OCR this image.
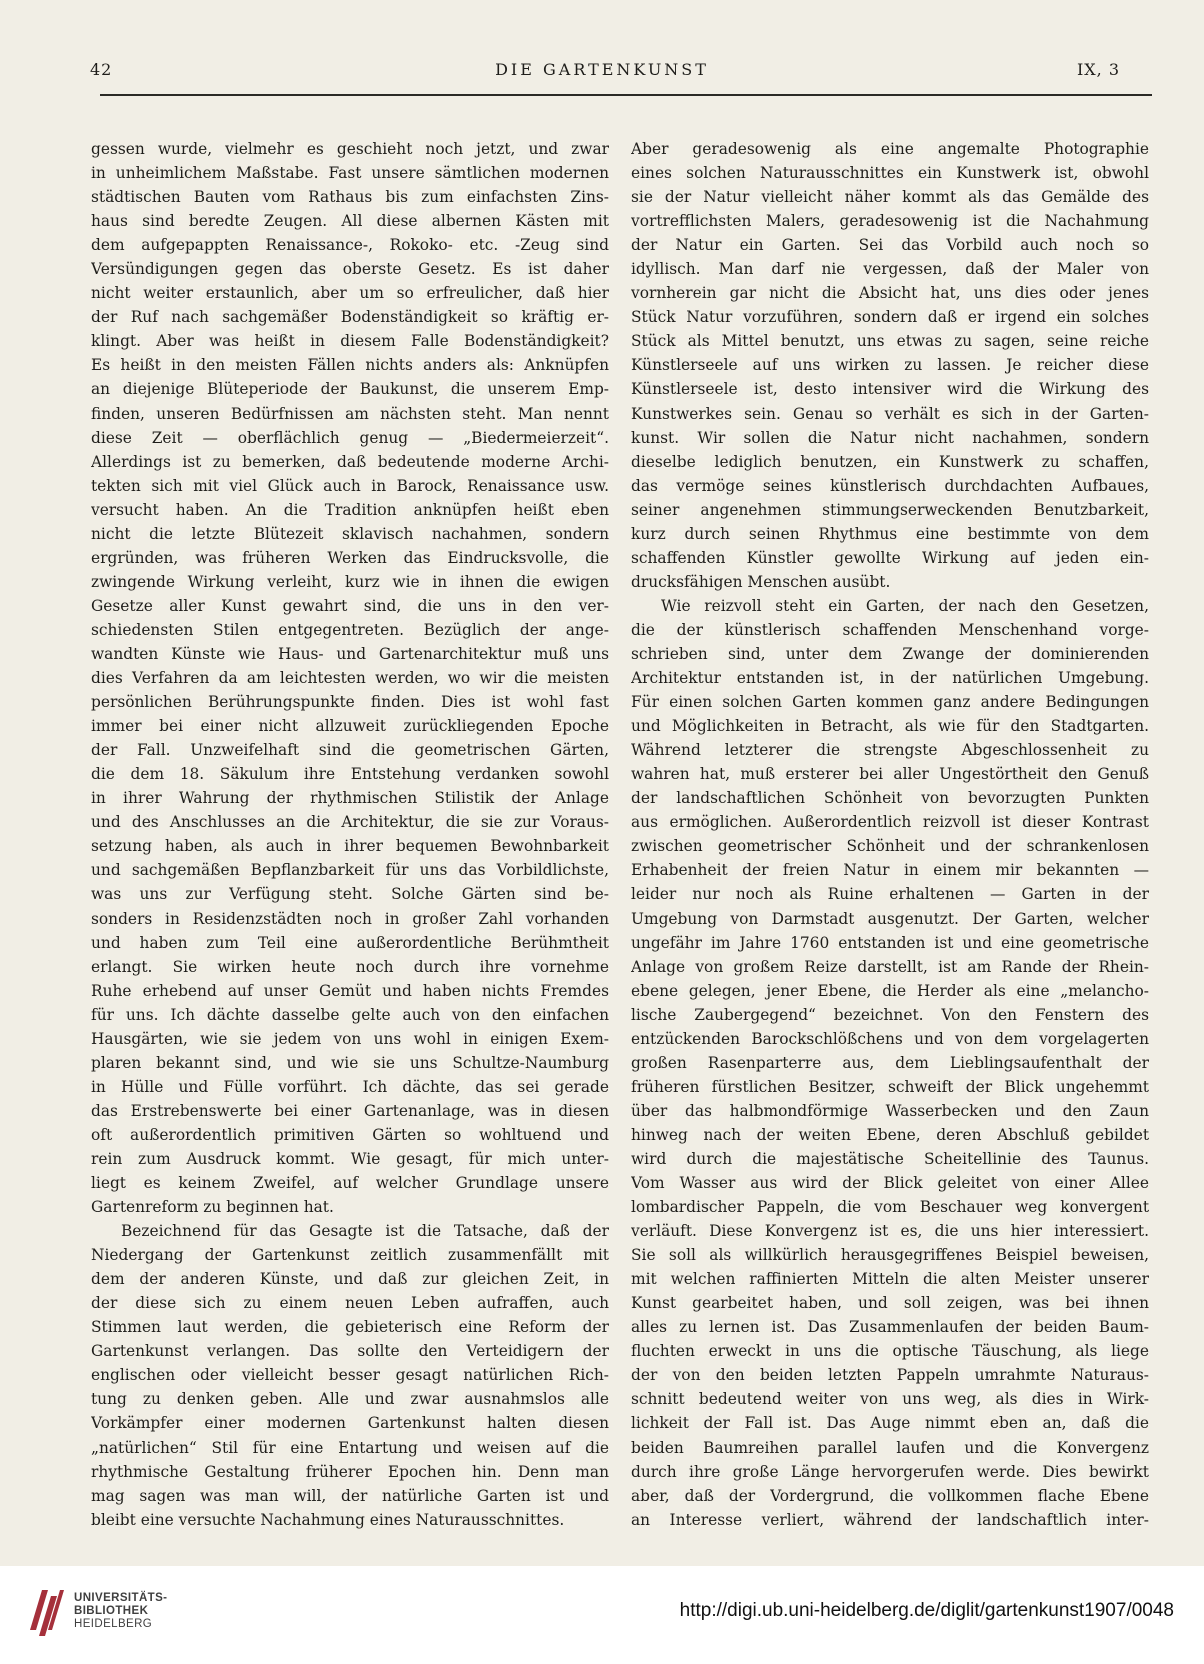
42	DIE GARTENKUNST	IX, 3

gessen wurde, vielmehr es geschieht noch jetzt, und zwar

in unheimlichem Maßstabe. Fast unsere sämtlichen modernen

städtischen Bauten vom Rathaus bis zum einfachsten Zins-

haus sind beredte Zeugen. All diese albernen Kästen mit

dem aufgepappten Renaissance-, Rokoko- etc. -Zeug sind

Versündigungen gegen das oberste Gesetz. Es ist daher

nicht weiter erstaunlich, aber um so erfreulicher, daß hier

der Ruf nach sachgemäßer Bodenständigkeit so kräftig er-

klingt. Aber was heißt in diesem Falle Bodenständigkeit?

Es heißt in den meisten Fällen nichts anders als: Anknüpfen

an diejenige Blüteperiode der Baukunst, die unserem Emp-

finden, unseren Bedürfnissen am nächsten steht. Man nennt

diese Zeit — oberflächlich genug — „Biedermeierzeit“.

Allerdings ist zu bemerken, daß bedeutende moderne Archi-

tekten sich mit viel Glück auch in Barock, Renaissance usw.

versucht haben. An die Tradition anknüpfen heißt eben

nicht die letzte Blütezeit sklavisch nachahmen, sondern

ergründen, was früheren Werken das Eindrucksvolle, die

zwingende Wirkung verleiht, kurz wie in ihnen die ewigen

Gesetze aller Kunst gewahrt sind, die uns in den ver-

schiedensten Stilen entgegentreten. Bezüglich der ange-

wandten Künste wie Haus- und Gartenarchitektur muß uns

dies Verfahren da am leichtesten werden, wo wir die meisten

persönlichen Berührungspunkte finden. Dies ist wohl fast

immer bei einer nicht allzuweit zurückliegenden Epoche

der Fall. Unzweifelhaft sind die geometrischen Gärten,

die dem 18. Säkulum ihre Entstehung verdanken sowohl

in ihrer Wahrung der rhythmischen Stilistik der Anlage

und des Anschlusses an die Architektur, die sie zur Voraus-

setzung haben, als auch in ihrer bequemen Bewohnbarkeit

und sachgemäßen Bepflanzbarkeit für uns das Vorbildlichste,

was uns zur Verfügung steht. Solche Gärten sind be-

sonders in Residenzstädten noch in großer Zahl vorhanden

und haben zum Teil eine außerordentliche Berühmtheit

erlangt. Sie wirken heute noch durch ihre vornehme

Ruhe erhebend auf unser Gemüt und haben nichts Fremdes

für uns. Ich dächte dasselbe gelte auch von den einfachen

Hausgärten, wie sie jedem von uns wohl in einigen Exem-

plaren bekannt sind, und wie sie uns Schultze-Naumburg

in Hülle und Fülle vorführt. Ich dächte, das sei gerade

das Erstrebenswerte bei einer Gartenanlage, was in diesen

oft außerordentlich primitiven Gärten so wohltuend und

rein zum Ausdruck kommt. Wie gesagt, für mich unter-

liegt es keinem Zweifel, auf welcher Grundlage unsere

Gartenreform zu beginnen hat.

Bezeichnend für das Gesagte ist die Tatsache, daß der

Niedergang der Gartenkunst zeitlich zusammenfällt mit

dem der anderen Künste, und daß zur gleichen Zeit, in

der diese sich zu einem neuen Leben aufraffen, auch

Stimmen laut werden, die gebieterisch eine Reform der

Gartenkunst verlangen. Das sollte den Verteidigern der

englischen oder vielleicht besser gesagt natürlichen Rich-

tung zu denken geben. Alle und zwar ausnahmslos alle

Vorkämpfer einer modernen Gartenkunst halten diesen

„natürlichen“ Stil für eine Entartung und weisen auf die

rhythmische Gestaltung früherer Epochen hin. Denn man

mag sagen was man will, der natürliche Garten ist und

bleibt eine versuchte Nachahmung eines Naturausschnittes.

Aber geradesowenig als eine angemalte Photographie

eines solchen Naturausschnittes ein Kunstwerk ist, obwohl

sie der Natur vielleicht näher kommt als das Gemälde des

vortrefflichsten Malers, geradesowenig ist die Nachahmung

der Natur ein Garten. Sei das Vorbild auch noch so

idyllisch. Man darf nie vergessen, daß der Maler von

vornherein gar nicht die Absicht hat, uns dies oder jenes

Stück Natur vorzuführen, sondern daß er irgend ein solches

Stück als Mittel benutzt, uns etwas zu sagen, seine reiche

Künstlerseele auf uns wirken zu lassen. Je reicher diese

Künstlerseele ist, desto intensiver wird die Wirkung des

Kunstwerkes sein. Genau so verhält es sich in der Garten-

kunst. Wir sollen die Natur nicht nachahmen, sondern

dieselbe lediglich benutzen, ein Kunstwerk zu schaffen,

das vermöge seines künstlerisch durchdachten Aufbaues,

seiner angenehmen stimmungserweckenden Benutzbarkeit,

kurz durch seinen Rhythmus eine bestimmte von dem

schaffenden Künstler gewollte Wirkung auf jeden ein-

drucksfähigen Menschen ausübt.

Wie reizvoll steht ein Garten, der nach den Gesetzen,

die der künstlerisch schaffenden Menschenhand vorge-

schrieben sind, unter dem Zwange der dominierenden

Architektur entstanden ist, in der natürlichen Umgebung.

Für einen solchen Garten kommen ganz andere Bedingungen

und Möglichkeiten in Betracht, als wie für den Stadtgarten.

Während letzterer die strengste Abgeschlossenheit zu

wahren hat, muß ersterer bei aller Ungestörtheit den Genuß

der landschaftlichen Schönheit von bevorzugten Punkten

aus ermöglichen. Außerordentlich reizvoll ist dieser Kontrast

zwischen geometrischer Schönheit und der schrankenlosen

Erhabenheit der freien Natur in einem mir bekannten —

leider nur noch als Ruine erhaltenen — Garten in der

Umgebung von Darmstadt ausgenutzt. Der Garten, welcher

ungefähr im Jahre 1760 entstanden ist und eine geometrische

Anlage von großem Reize darstellt, ist am Rande der Rhein-

ebene gelegen, jener Ebene, die Herder als eine „melancho-

lische Zaubergegend“ bezeichnet. Von den Fenstern des

entzückenden Barockschlößchens und von dem vorgelagerten

großen Rasenparterre aus, dem Lieblingsaufenthalt der

früheren fürstlichen Besitzer, schweift der Blick ungehemmt

über das halbmondförmige Wasserbecken und den Zaun

hinweg nach der weiten Ebene, deren Abschluß gebildet

wird durch die majestätische Scheitellinie des Taunus.

Vom Wasser aus wird der Blick geleitet von einer Allee

lombardischer Pappeln, die vom Beschauer weg konvergent

verläuft. Diese Konvergenz ist es, die uns hier interessiert.

Sie soll als willkürlich herausgegriffenes Beispiel beweisen,

mit welchen raffinierten Mitteln die alten Meister unserer

Kunst gearbeitet haben, und soll zeigen, was bei ihnen

alles zu lernen ist. Das Zusammenlaufen der beiden Baum-

fluchten erweckt in uns die optische Täuschung, als liege

der von den beiden letzten Pappeln umrahmte Naturaus-

schnitt bedeutend weiter von uns weg, als dies in Wirk-

lichkeit der Fall ist. Das Auge nimmt eben an, daß die

beiden Baumreihen parallel laufen und die Konvergenz

durch ihre große Länge hervorgerufen werde. Dies bewirkt

aber, daß der Vordergrund, die vollkommen flache Ebene

an Interesse verliert, während der landschaftlich inter-

UNIVERSITÄTS-
BIBLIOTHEK
HEIDELBERG
http://digi.ub.uni-heidelberg.de/diglit/gartenkunst1907/0048
